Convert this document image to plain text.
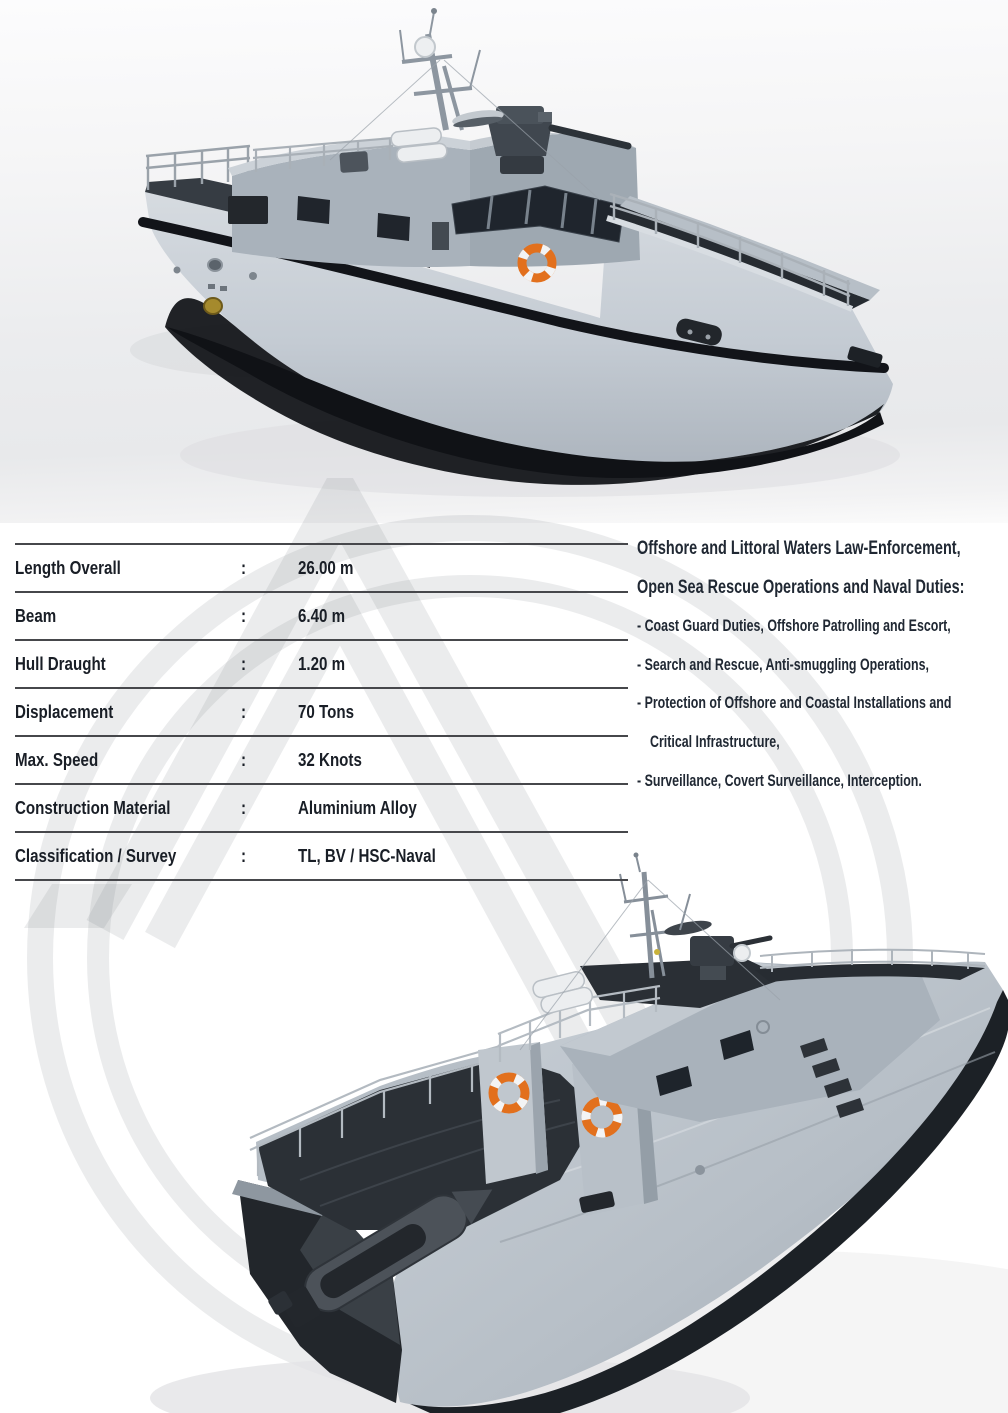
Length Overall	:	26.00 m
Beam	:	6.40 m
Hull Draught	:	1.20 m
Displacement	:	70 Tons
Max. Speed	:	32 Knots
Construction Material	:	Aluminium Alloy
Classification / Survey	:	TL, BV / HSC-Naval
Offshore and Littoral Waters Law-Enforcement,
Open Sea Rescue Operations and Naval Duties:
- Coast Guard Duties, Offshore Patrolling and Escort,
- Search and Rescue, Anti-smuggling Operations,
- Protection of Offshore and Coastal Installations and
Critical Infrastructure,
- Surveillance, Covert Surveillance, Interception.
